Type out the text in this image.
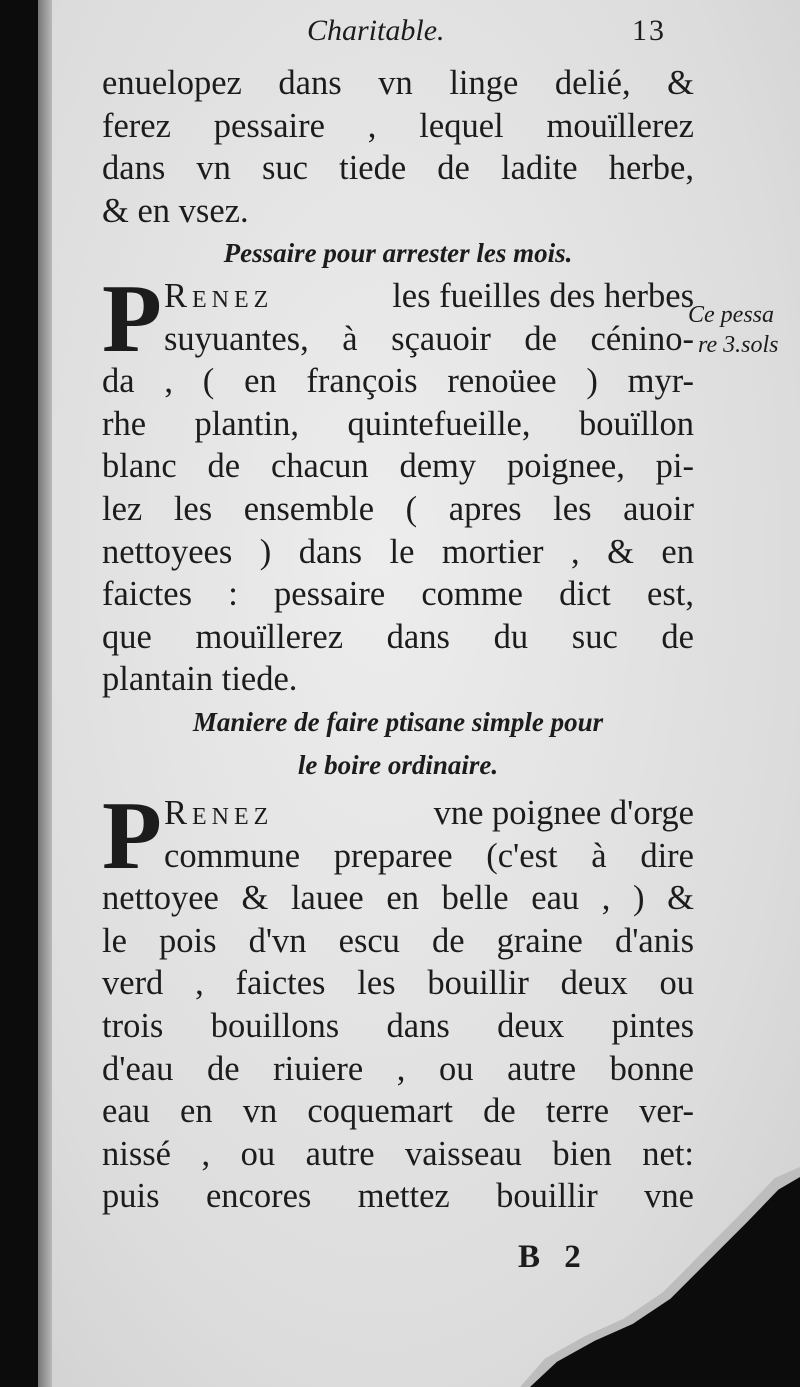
Charitable.	13
enuelopez dans vn linge delié, &
ferez pessaire , lequel mouïllerez
dans vn suc tiede de ladite herbe,
& en vsez.
Pessaire pour arrester les mois.
P Renez	les fueilles des herbes
suyuantes, à sçauoir de cénino-
da , ( en françois renoüee ) myr-
rhe plantin, quintefueille, bouïllon
blanc de chacun demy poignee, pi-
lez les ensemble ( apres les auoir
nettoyees ) dans le mortier , & en
faictes : pessaire comme dict est,
que mouïllerez dans du suc de
plantain tiede.
Maniere de faire ptisane simple pour
le boire ordinaire.
P Renez	vne poignee d'orge
commune preparee (c'est à dire
nettoyee & lauee en belle eau , ) &
le pois d'vn escu de graine d'anis
verd , faictes les bouillir deux ou
trois bouillons dans deux pintes
d'eau de riuiere , ou autre bonne
eau en vn coquemart de terre ver-
nissé , ou autre vaisseau bien net:
puis encores mettez bouillir vne
Ce pessa
re 3.sols
B 2
